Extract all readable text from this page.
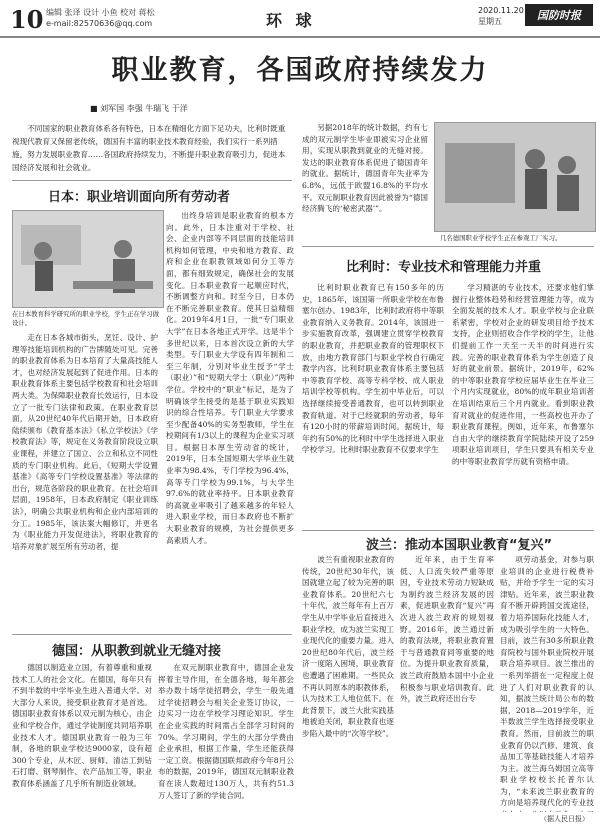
10 编辑 张译 设计 小鱼 校对 蒋松
e-mail:82570636@qq.com	环 球
2020.11.20
星期五	国防时报
职业教育，各国政府持续发力
■ 刘军国 李强 牛瑞飞 于洋
不同国家的职业教育体系各有特色，日本在精细化方面下足功夫，比利时既重视现代教育又保留老传统，德国有丰富的职业技术教育经验，我们实行一系列措施，努力发展职业教育……各国政府持续发力，不断提升职业教育吸引力，促进本国经济发展和社会就业。
日本：职业培训面向所有劳动者
在日本教育科学研究所的职业学校，学生正在学习做设计。
走在日本各城市街头，烹饪、设计、护理等技能培训机构的广告牌随处可见。完善的职业教育体系为日本培育了大量高技能人才，也对经济发展起到了促进作用。日本的职业教育体系主要包括学校教育和社会培训两大类。为保障职业教育长效运行，日本设立了一批专门法律和政策。在职业教育层面，从20世纪40年代后期开始，日本政府陆续颁布《教育基本法》《私立学校法》《学校教育法》等，规定在义务教育阶段设立职业课程，并建立了国立、公立和私立不同性质的专门职业机构。此后，《短期大学设置基准》《高等专门学校设置基准》等法律的出台，规范各阶段的职业教育。在社会培训层面，1958年，日本政府制定《职业训练法》，明确公共职业机构和企业内部培训的分工。1985年，该法案大幅修订，并更名为《职业能力开发促进法》，将职业教育的培养对象扩展至所有劳动者，提
出终身培训是职业教育的根本方向。此外，日本注重对于学校、社会、企业内部等不同层面的技能培训机构如何管理，中央和地方教育、政府和企业在职教领域如何分工等方面，都有细致规定，确保社会的发展变化。日本职业教育一起顺应时代，不断调整方向和。时至今日，日本仍在不断完善职业教育。使其日益精细化。2019年4月1日，一批“专门职业大学”在日本各地正式开学。这是半个多世纪以来，日本首次设立新的大学类型。专门职业大学设有四年制和二至三年制，分别对毕业生授予“学士（职业）”和“短期大学士（职业）”两种学位。学校中的“职业”标记，是为了明确该学生接受的是基于职业实践知识的综合性培养。专门职业大学要求至少配备40%的实务型教师，学生在校期间有1/3以上的课程为企业实习项目。根据日本厚生劳动省的统计，2019年，日本全国短期大学毕业生就业率为98.4%，专门学校为96.4%，高等专门学校为99.1%，与大学生97.6%的就业率持平。日本职业教育的高就业率吸引了越来越多的年轻人进入职业学校，而日本政府也不断扩大职业教育的规模，为社会提供更多高素质人才。
德国：从职教到就业无缝对接
德国以制造业立国，有着尊重和重视技术工人的社会文化。在德国，每年只有不到半数的中学毕业生进入普通大学。对大部分人来说，接受职业教育才是首选。德国职业教育体系以双元制为核心，由企业和学校合作，通过学徒制度共同培养职业技术人才。德国职业教育一般为三年制，各地的职业学校达9000家，设有超300个专业，从木匠、厨师、清洁工到钻石打磨、钢琴制作、农产品加工等，职业教育体系涵盖了几乎所有制造业领域。
在双元制职业教育中，德国企业发挥着主导作用，在全德各地，每年都会举办数十场学徒招聘会，学生一般先通过学徒招聘会与相关企业签订协议，一边实习一边在学校学习理论知识。学生在企业实践的时间需占全部学习时间的70%。学习期间，学生的大部分学费由企业承担，根据工作量，学生还能获得一定工资。根据德国联邦政府今年8月公布的数据，2019年，德国双元制职业教育在读人数超过130万人，共有约51.3万人签订了新的学徒合同。
另据2018年的统计数据，约有七成的双元制学生毕业即被实习企业留用，实现从职教到就业的无缝对接。发达的职业教育体系促进了德国青年的就业。据统计，德国青年失业率为6.8%，远低于欧盟16.8%的平均水平。双元制职业教育因此被誉为“德国经济腾飞的‘秘密武器’”。
几名德国职业学校学生正在参观工厂实习。
比利时：专业技术和管理能力并重
比利时职业教育已有150多年的历史，1865年，该国第一所职业学校在布鲁塞尔创办。1983年，比利时政府将中等职业教育纳入义务教育。2014年，该国进一步实施教育改革，强调建立贯穿学校教育的职业教育，并把职业教育的管理职权下放，由地方教育部门与职业学校自行确定教学内容。比利时职业教育体系主要包括中等教育学校、高等专科学校、成人职业培训学校等机构。学生初中毕业后，可以选择继续接受普通教育，也可以转到职业教育轨道。对于已经就职的劳动者，每年有120小时的带薪培训时间。据统计，每年约有50%的比利时中学生选择进入职业学校学习。比利时职业教育不仅要求学生
学习精湛的专业技术，还要求他们掌握行业整体趋势和经营管理能力等，成为全面发展的技术人才。职业学校与企业联系紧密，学校对企业的研发项目给予技术支持，企业则招收合作学校的学生，让他们提前工作一天至一天半的时间进行实践。完善的职业教育体系为学生创造了良好的就业前景。据统计，2019年，62%的中等职业教育学校应届毕业生在毕业三个月内实现就业，80%的成年职业培训者在培训结束后三个月内就业。看到职业教育对就业的促进作用，一些高校也开办了职业教育课程。例如，近年来，布鲁塞尔自由大学的继续教育学院陆续开设了259项职业培训项目，学生只要具有相关专业的中等职业教育学历就有资格申请。
波兰：推动本国职业教育“复兴”
波兰有重视职业教育的传统，20世纪30年代，该国就建立起了较为完善的职业教育体系。20世纪六七十年代，波兰每年有上百万学生从中学毕业后直接进入职业学校，成为波兰实现工业现代化的重要力量。进入20世纪80年代后，波兰经济一度陷入困境，职业教育也遭遇了困难期。一些民众不再认同原本的职教体系，认为技术工人地位低下。在此背景下，波兰大批实践基地被迫关闭，职业教育也逐步陷入最中的“次等学校”。
近年来，由于生育率低、人口流失较严重等原因，专业技术劳动力短缺成为制约波兰经济发展的因素，促进职业教育“复兴”再次进入波兰政府的规划视野。2016年，波兰通过新的教育法规，将职业教育置于与普通教育同等重要的地位。为提升职业教育质量，波兰政府鼓励本国中小企业积极参与职业培训教育。此外，波兰政府还出台专
项劳动基金，对参与职业培训的企业进行税费补贴，并给予学生一定的实习津贴。近年来，波兰职业教育不断开辟跨国交流途径，着力培养国际化技能人才，成为吸引学生的一大特色。目前，波兰有30多所职业教育院校与国外职业院校开展联合培养项目。波兰推出的一系列举措在一定程度上促进了人们对职业教育的认知，据波兰统计局公布的数据，2018—2019学年，近半数波兰学生选择接受职业教育。然而，目前波兰的职业教育仍以汽修、建筑、食品加工等基础技能人才培养为主。波兰海乌姆国立高等职业学校校长托普尔认为，“未来波兰职业教育的方向是培养现代化的专业技
（据人民日报）
